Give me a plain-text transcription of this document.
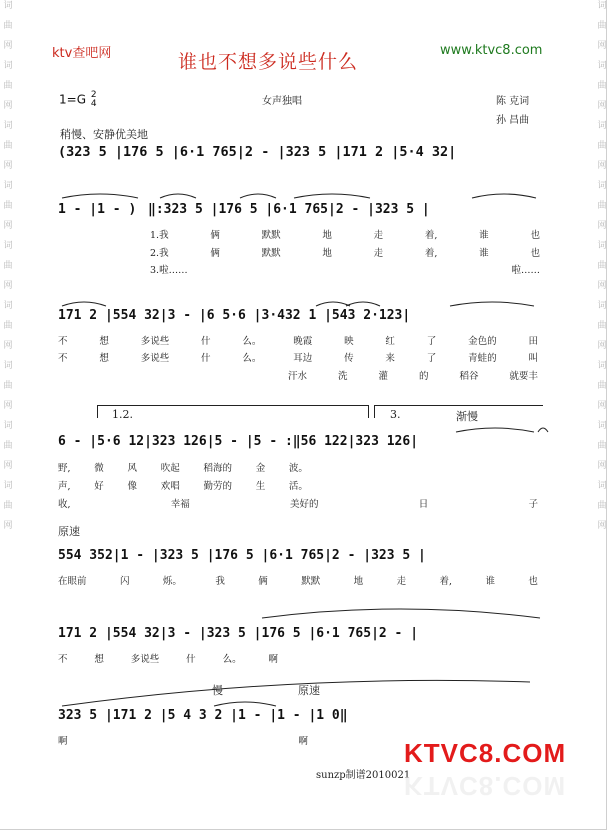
词
曲
网
词
曲
网
词
曲
网
词
曲
网
词
曲
网
词
曲
网
词
曲
网
词
曲
网
词
曲
网
词
曲
网
词
曲
网
词
曲
网
词
曲
网
词
曲
网
词
曲
网
词
曲
网
词
曲
网
词
曲
网
ktv查吧网	谁也不想多说些什么
www.ktvc8.com
1=G 2
4	女声独唱	陈 克词
孙 昌曲
稍慢、安静优美地
(323 5 |176 5 |6·1 765|2 - |323 5 |171 2 |5·4 32|
1 - |1 - ) ‖:323 5 |176 5 |6·1 765|2 - |323 5 |
1.我	俩	默默	地	走	着,	谁	也
2.我	俩	默默	地	走	着,	谁	也
3.啦……	啦……
171 2 |554 32|3 - |6 5·6 |3·432 1 |543 2·123|
不	想	多说些	什	么。	晚霞	映	红	了	金色的	田
不	想	多说些	什	么。	耳边	传	来	了	青蛙的	叫
汗水	洗	灌	的	稻谷	就要丰
1.2.	3.	渐慢
6 - |5·6 12|323 126|5 - |5 - :‖56 122|323 126|
野, 微 风 吹起 稻海的 金 波。
声, 好 像 欢唱 勤劳的 生 活。
收,	幸福	美好的	日	子
原速
554 352|1 - |323 5 |176 5 |6·1 765|2 - |323 5 |
在眼前	闪	烁。	我	俩	默默	地	走	着,	谁	也
171 2 |554 32|3 - |323 5 |176 5 |6·1 765|2 - |
不	想	多说些	什	么。	啊
慢	原速
323 5 |171 2 |5 4 3 2 |1 - |1 - |1 0‖
啊	啊
sunzp制谱2010021
KTVC8.COM
KTVC8.COM
